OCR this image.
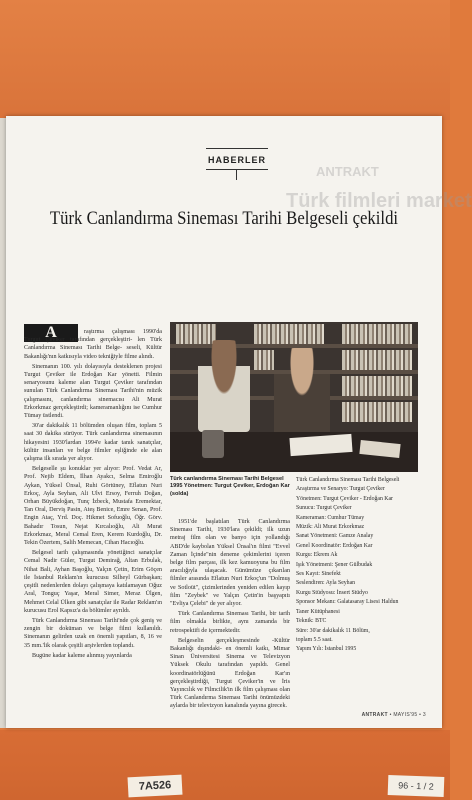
ANTRAKT
Türk filmleri market
HABERLER
Türk Canlandırma Sineması Tarihi Belgeseli çekildi
A	raştırma çalışması 1990'da Turgut Çeviker tarafından gerçekleştiri- len Türk Canlandırma Sineması Tarihi Belge- seseli, Kültür Bakanlığı'nın katkısıyla video tekniğiyle filme alındı.

Sinemanın 100. yılı dolayısıyla desteklenen projesi Turgut Çeviker ile Erdoğan Kar yönetti. Filmin senaryosunu kaleme alan Turgut Çeviker tarafından sunulan Türk Canlandırma Sineması Tarihi'nin müzik çalışmasını, canlandırma sinemacısı Ali Murat Erkorkmaz gerçekleştirdi; kameramanlığını ise Cumhur Tümay üstlendi.

30'ar dakikalık 11 bölümden oluşan film, toplam 5 saat 30 dakika sürüyor. Türk canlandırma sinemasının hikayesini 1930'lardan 1994'e kadar tanık sanatçılar, kültür insanları ve belge filmler eşliğinde ele alan çalışma ilk sırada yer alıyor.

Belgeselle şu konuklar yer alıyor: Prof. Vedat Ar, Prof. Nejib Eldem, İlhan Ayakcı, Selma Emiroğlu Aykan, Yüksel Ünsal, Ruhi Görtüney, Eflatun Nuri Erkoç, Ayla Seyhan, Ali Ulvi Ersoy, Ferruh Doğan, Orhan Büyükdoğan, Tunç İzbeck, Mustafa Eremektar, Tan Oral, Derviş Pasin, Ateş Benice, Emre Senan, Prof. Engin Ataç, Yrd. Doç. Hikmet Sofuoğlu, Öğr. Görv. Bahadır Tosun, Nejat Kırcalıoğlu, Ali Murat Erkorkmaz, Meral Cemal Eren, Kerem Kurdoğlu, Dr. Tekin Özertem, Salih Memecan, Cihan Hacıoğlu.

Belgesel tarih çalışmasında yönetiğinci sanatçılar Cemal Nadir Güler, Turgut Demirağ, Altan Erbulak, Nihat Bali, Ayhan Başoğlu, Yalçın Çetin, Erim Göçen ile İstanbul Reklam'ın kurucusu Silheyl Gürbaşkan; çeşitli nedenlerden dolayı çalışmaya katılamayan Oğuz Aral, Tonguç Yaşar, Meral Simer, Meraz Ülgen, Mehmet Celal Ülken gibi sanatçılar ile Radar Reklam'ın kurucusu Erol Kapsız'a da bölümler ayrıldı.

Türk Canlandırma Sineması Tarihi'nde çok geniş ve zengin bir doküman ve belge filmi kullanıldı. Sinemanın gelirden uzak en önemli yapıtları, 8, 16 ve 35 mm.'lik olarak çeşitli arşivlerden toplandı.

Bugüne kadar kaleme alınmış yayınlarda

Türk canlandırma Sineması Tarihi Belgesel 1995 Yönetmen: Turgut Çeviker, Erdoğan Kar (solda)

1951'de başlatılan Türk Canlandırma Sineması Tarihi, 1930'lara çekildi; ilk uzun metraj film olan ve banyo için yollandığı ABD'de kaybolan Yüksel Ünsal'ın filmi "Evvel Zaman İçinde"nin deneme çekimlerini içeren belge film parçası, ilk kez kamuoyuna bu film aracılığıyla ulaşacak. Günümüze çıkarılan filmler arasında Eflatun Nuri Erkoç'un "Dolmuş ve Sotloüt", çizimlerinden yeniden edilen kayıp film "Zeybek" ve Yalçın Çetin'in başyapıtı "Evliya Çelebi" de yer alıyor.

Türk Canlandırma Sineması Tarihi, bir tarih film olmakla birlikte, aynı zamanda bir retrospektifi de içermektedir.

Belgeselin gerçekleşmesinde -Kültür Bakanlığı dışındaki- en önemli katkı, Mimar Sinan Üniversitesi Sinema ve Televizyon Yüksek Okulu tarafından yapıldı. Genel koordinatörlüğünü Erdoğan Kar'ın gerçekleştirdiği, Turgut Çeviker'in ve İris Yayıncılık ve Filmcilik'in ilk film çalışması olan Türk Canlandırma Sineması Tarihi önümüzdeki aylarda bir televizyon kanalında yayına girecek.

Türk Canlandırma Sineması Tarihi Belgeseli
Araştırma ve Senaryo: Turgut Çeviker
Yönetmen: Turgut Çeviker - Erdoğan Kar
Sunucu: Turgut Çeviker
Kameraman: Cumhur Tümay
Müzik: Ali Murat Erkorkmaz
Sanat Yönetmeni: Gamze Analay
Genel Koordinatör: Erdoğan Kar
Kurgu: Ekrem Ak
Işık Yönetmeni: Şener Gülbudak
Ses Kayıt: Sinefekt
Seslendiren: Ayla Seyhan
Kurgu Stüdyosu: İnsert Stüdyo
Sponsor Mekanı: Galatasaray Lisesi Haldun
Taner Kütüphanesi
Teknik: BTC
Süre: 30'ar dakikalık 11 Bölüm,
toplam 5.5 saat.
Yapım Yılı: İstanbul 1995
ANTRAKT • MAYIS'95 • 3
7A526	96 - 1 / 2
